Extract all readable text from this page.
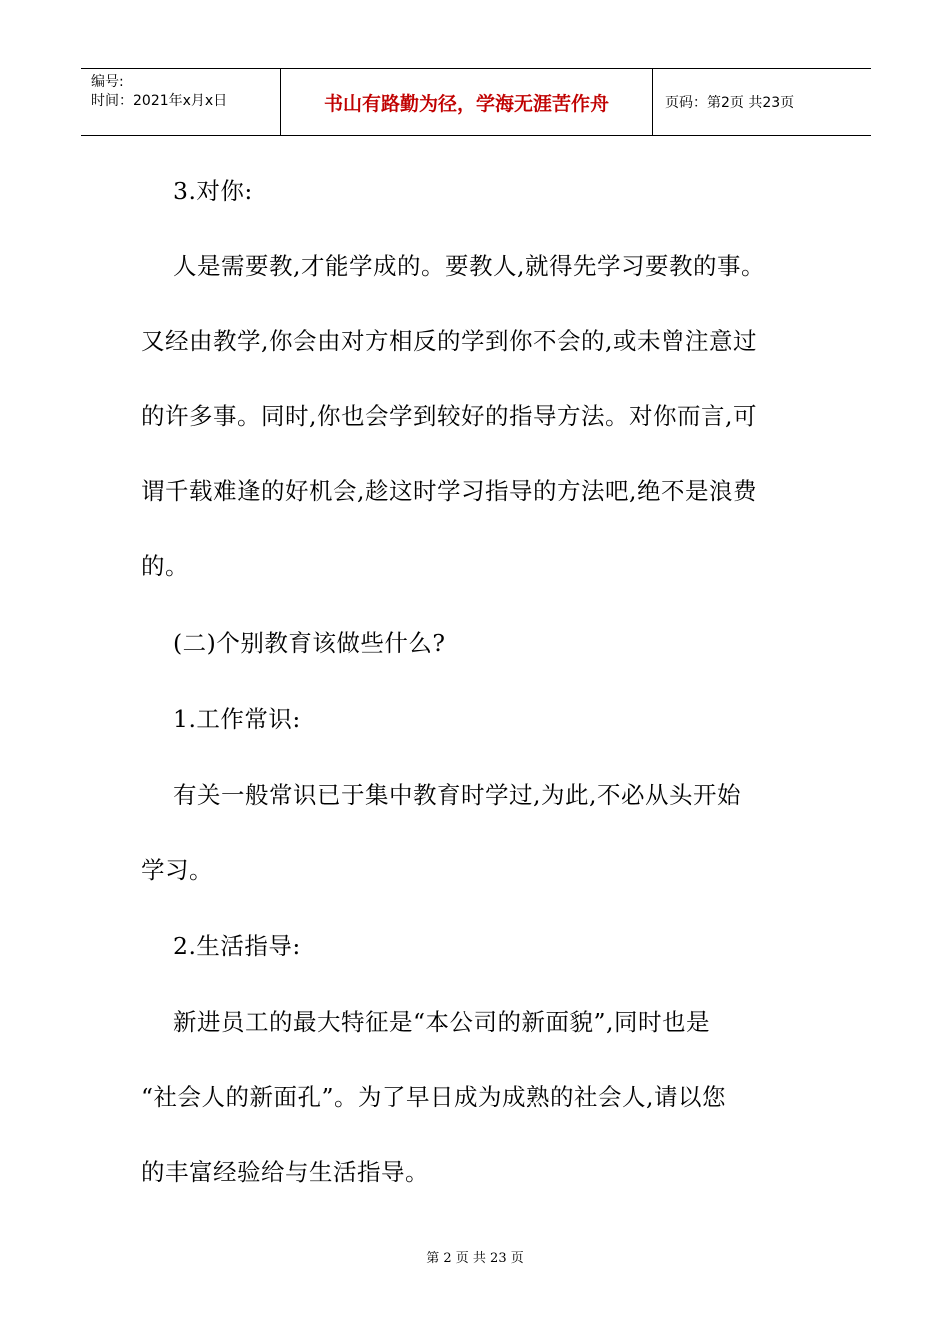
编号:
时间：2021年x月x日	书山有路勤为径，学海无涯苦作舟	页码：第2页 共23页
3.对你:
人是需要教,才能学成的。要教人,就得先学习要教的事。
又经由教学,你会由对方相反的学到你不会的,或未曾注意过
的许多事。同时,你也会学到较好的指导方法。对你而言,可
谓千载难逢的好机会,趁这时学习指导的方法吧,绝不是浪费
的。
(二)个别教育该做些什么?
1.工作常识:
有关一般常识已于集中教育时学过,为此,不必从头开始
学习。
2.生活指导:
新进员工的最大特征是“本公司的新面貌”,同时也是
“社会人的新面孔”。为了早日成为成熟的社会人,请以您
的丰富经验给与生活指导。
第 2 页 共 23 页
